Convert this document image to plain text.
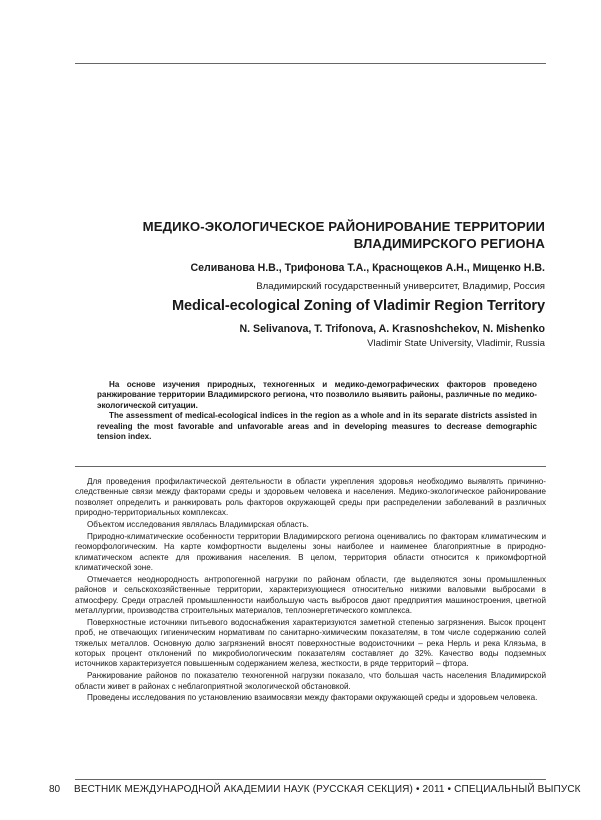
МЕДИКО-ЭКОЛОГИЧЕСКОЕ РАЙОНИРОВАНИЕ ТЕРРИТОРИИ ВЛАДИМИРСКОГО РЕГИОНА
Селиванова Н.В., Трифонова Т.А., Краснощеков А.Н., Мищенко Н.В.
Владимирский государственный университет, Владимир, Россия
Medical-ecological Zoning of Vladimir Region Territory
N. Selivanova, T. Trifonova, A. Krasnoshchekov, N. Mishenko
Vladimir State University, Vladimir, Russia

На основе изучения природных, техногенных и медико-демографических факторов проведено ранжирование территории Владимирского региона, что позволило выявить районы, различные по медико-экологической ситуации.

The assessment of medical-ecological indices in the region as a whole and in its separate districts assisted in revealing the most favorable and unfavorable areas and in developing measures to decrease demographic tension index.

Для проведения профилактической деятельности в области укрепления здоровья необходимо выявлять причинно-следственные связи между факторами среды и здоровьем человека и населения. Медико-экологическое районирование позволяет определить и ранжировать роль факторов окружающей среды при распределении заболеваний в различных природно-территориальных комплексах.

Объектом исследования являлась Владимирская область.

Природно-климатические особенности территории Владимирского региона оценивались по факторам климатическим и геоморфологическим. На карте комфортности выделены зоны наиболее и наименее благоприятные в природно-климатическом аспекте для проживания населения. В целом, территория области относится к прикомфортной климатической зоне.

Отмечается неоднородность антропогенной нагрузки по районам области, где выделяются зоны промышленных районов и сельскохозяйственные территории, характеризующиеся относительно низкими валовыми выбросами в атмосферу. Среди отраслей промышленности наибольшую часть выбросов дают предприятия машиностроения, цветной металлургии, производства строительных материалов, теплоэнергетического комплекса.

Поверхностные источники питьевого водоснабжения характеризуются заметной степенью загрязнения. Высок процент проб, не отвечающих гигиеническим нормативам по санитарно-химическим показателям, в том числе содержанию солей тяжелых металлов. Основную долю загрязнений вносят поверхностные водоисточники – река Нерль и река Клязьма, в которых процент отклонений по микробиологическим показателям составляет до 32%. Качество воды подземных источников характеризуется повышенным содержанием железа, жесткости, в ряде территорий – фтора.

Ранжирование районов по показателю техногенной нагрузки показало, что большая часть населения Владимирской области живет в районах с неблагоприятной экологической обстановкой.

Проведены исследования по установлению взаимосвязи между факторами окружающей среды и здоровьем человека.

80 ВЕСТНИК МЕЖДУНАРОДНОЙ АКАДЕМИИ НАУК (РУССКАЯ СЕКЦИЯ) • 2011 • СПЕЦИАЛЬНЫЙ ВЫПУСК
